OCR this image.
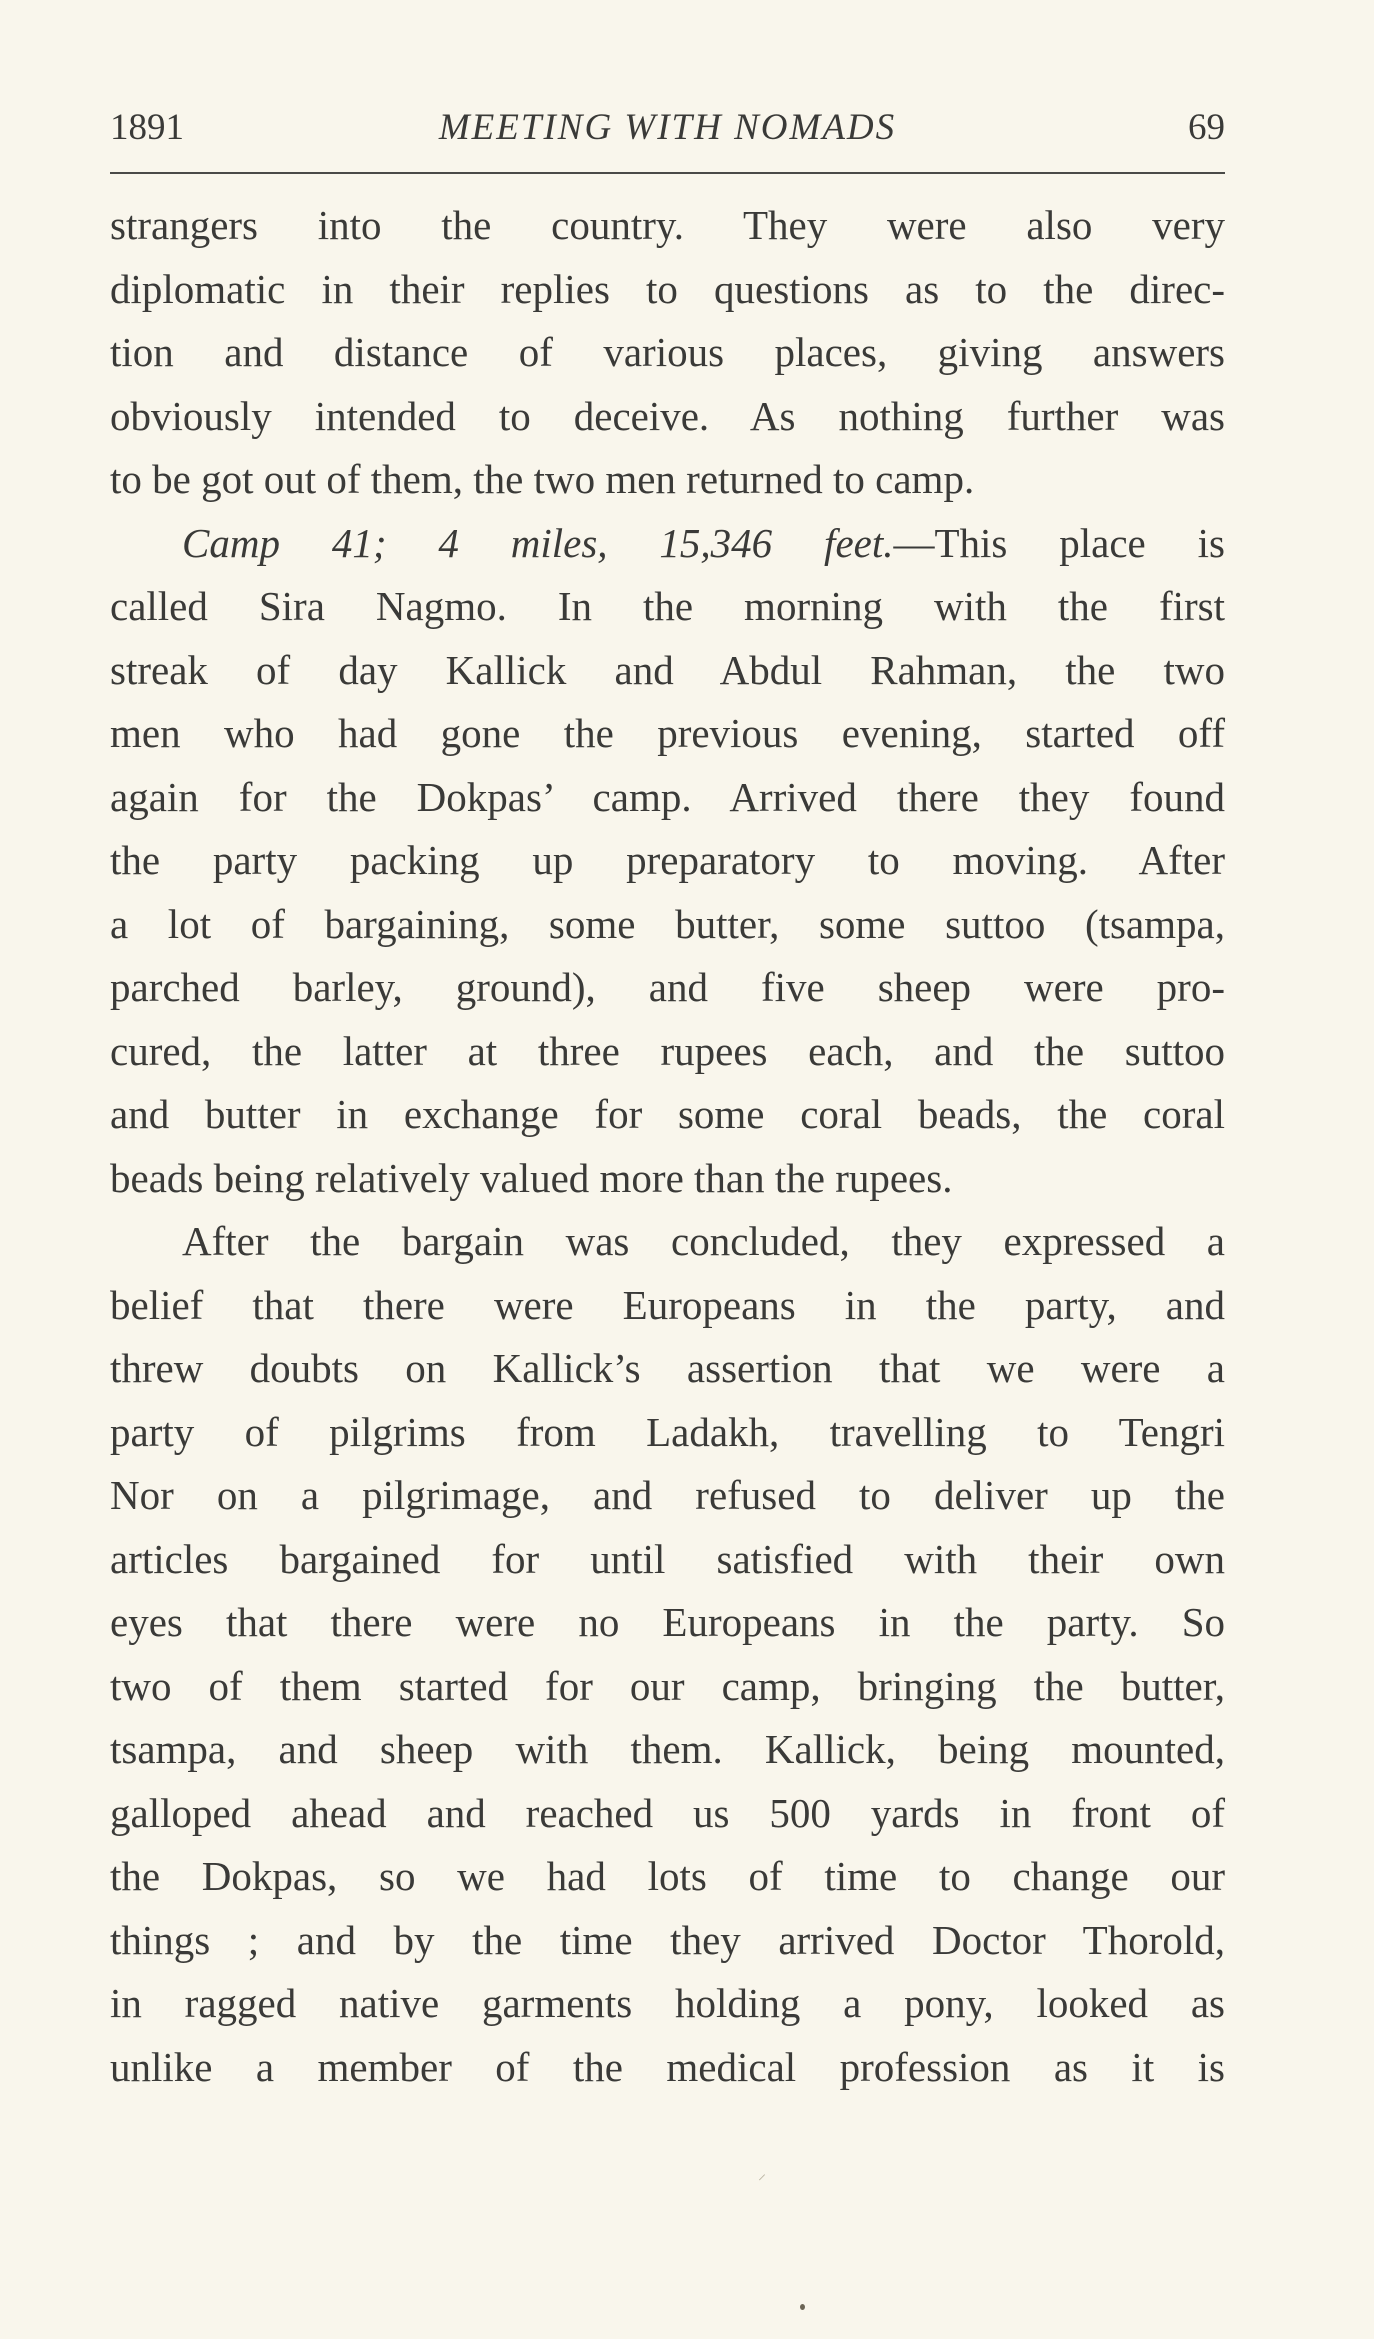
1891	MEETING WITH NOMADS	69
strangers into the country. They were also very
diplomatic in their replies to questions as to the direc-
tion and distance of various places, giving answers
obviously intended to deceive. As nothing further was
to be got out of them, the two men returned to camp.
Camp 41; 4 miles, 15,346 feet.—This place is
called Sira Nagmo. In the morning with the first
streak of day Kallick and Abdul Rahman, the two
men who had gone the previous evening, started off
again for the Dokpas’ camp. Arrived there they found
the party packing up preparatory to moving. After
a lot of bargaining, some butter, some suttoo (tsampa,
parched barley, ground), and five sheep were pro-
cured, the latter at three rupees each, and the suttoo
and butter in exchange for some coral beads, the coral
beads being relatively valued more than the rupees.
After the bargain was concluded, they expressed a
belief that there were Europeans in the party, and
threw doubts on Kallick’s assertion that we were a
party of pilgrims from Ladakh, travelling to Tengri
Nor on a pilgrimage, and refused to deliver up the
articles bargained for until satisfied with their own
eyes that there were no Europeans in the party. So
two of them started for our camp, bringing the butter,
tsampa, and sheep with them. Kallick, being mounted,
galloped ahead and reached us 500 yards in front of
the Dokpas, so we had lots of time to change our
things ; and by the time they arrived Doctor Thorold,
in ragged native garments holding a pony, looked as
unlike a member of the medical profession as it is
⸝
